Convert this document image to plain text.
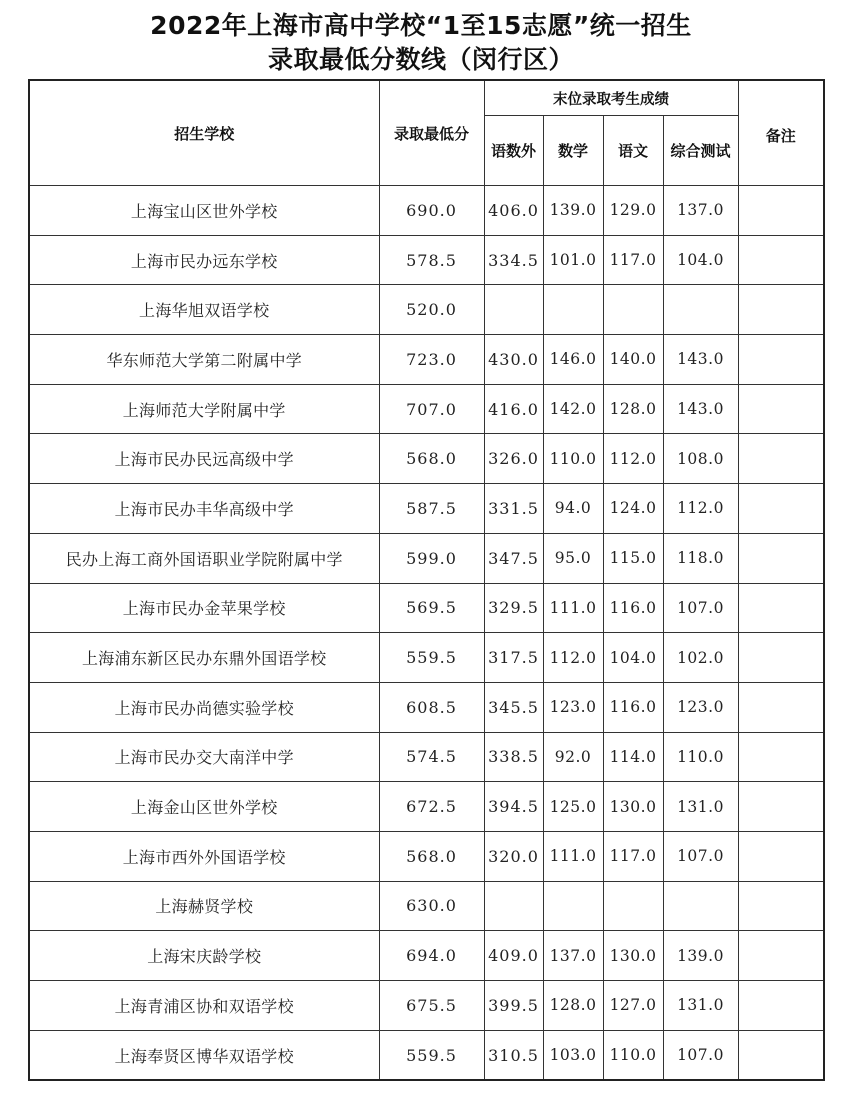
2022年上海市高中学校“1至15志愿”统一招生
录取最低分数线（闵行区）
招生学校	录取最低分	末位录取考生成绩				备注
		语数外	数学	语文	综合测试	
上海宝山区世外学校	690.0	406.0	139.0	129.0	137.0	
上海市民办远东学校	578.5	334.5	101.0	117.0	104.0	
上海华旭双语学校	520.0					
华东师范大学第二附属中学	723.0	430.0	146.0	140.0	143.0	
上海师范大学附属中学	707.0	416.0	142.0	128.0	143.0	
上海市民办民远高级中学	568.0	326.0	110.0	112.0	108.0	
上海市民办丰华高级中学	587.5	331.5	94.0	124.0	112.0	
民办上海工商外国语职业学院附属中学	599.0	347.5	95.0	115.0	118.0	
上海市民办金苹果学校	569.5	329.5	111.0	116.0	107.0	
上海浦东新区民办东鼎外国语学校	559.5	317.5	112.0	104.0	102.0	
上海市民办尚德实验学校	608.5	345.5	123.0	116.0	123.0	
上海市民办交大南洋中学	574.5	338.5	92.0	114.0	110.0	
上海金山区世外学校	672.5	394.5	125.0	130.0	131.0	
上海市西外外国语学校	568.0	320.0	111.0	117.0	107.0	
上海赫贤学校	630.0					
上海宋庆龄学校	694.0	409.0	137.0	130.0	139.0	
上海青浦区协和双语学校	675.5	399.5	128.0	127.0	131.0	
上海奉贤区博华双语学校	559.5	310.5	103.0	110.0	107.0	
